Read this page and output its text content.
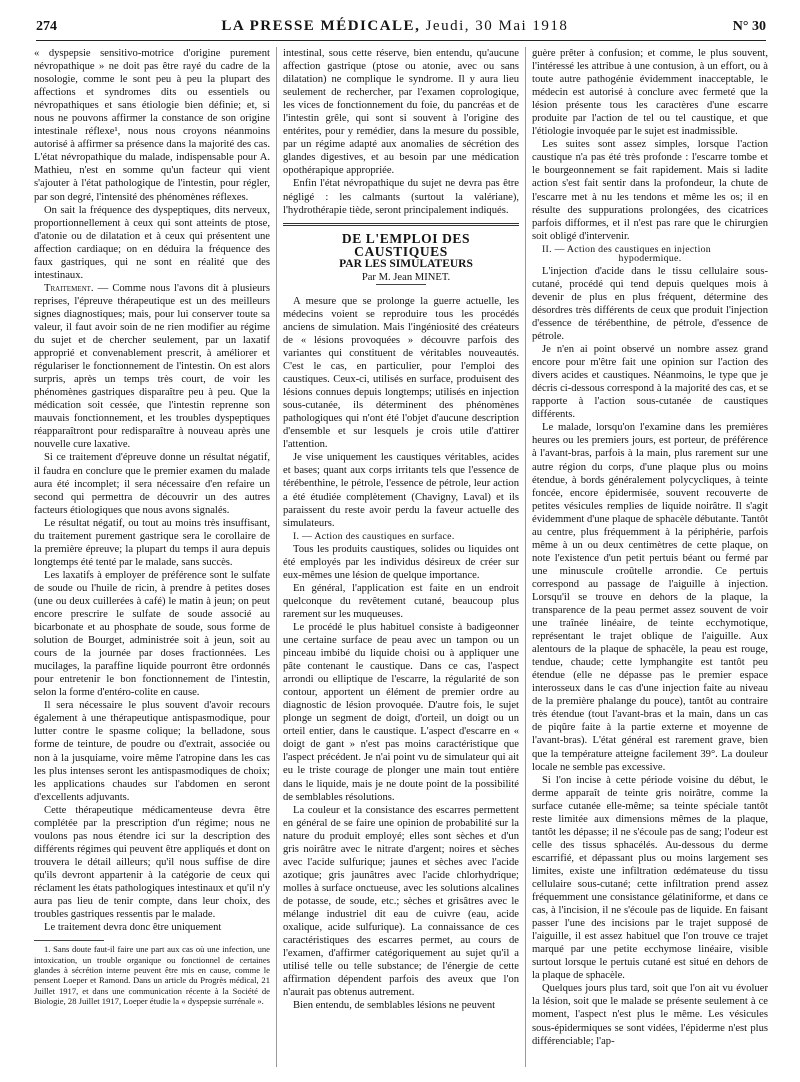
274	LA PRESSE MÉDICALE, Jeudi, 30 Mai 1918	N° 30

« dyspepsie sensitivo-motrice d'origine purement névropathique » ne doit pas être rayé du cadre de la nosologie, comme le sont peu à peu la plupart des affections et syndromes dits ou essentiels ou névropathiques et sans étiologie bien définie; et, si nous ne pouvons affirmer la constance de son origine intestinale réflexe¹, nous nous croyons néanmoins autorisé à affirmer sa présence dans la majorité des cas. L'état névropathique du malade, indispensable pour A. Mathieu, n'est en somme qu'un facteur qui vient s'ajouter à l'état pathologique de l'intestin, pour régler, par son degré, l'intensité des phénomènes réflexes.

On sait la fréquence des dyspeptiques, dits nerveux, proportionnellement à ceux qui sont atteints de ptose, d'atonie ou de dilatation et à ceux qui présentent une affection cardiaque; on en déduira la fréquence des faux gastriques, qui ne sont en réalité que des intestinaux.

Traitement. — Comme nous l'avons dit à plusieurs reprises, l'épreuve thérapeutique est un des meilleurs signes diagnostiques; mais, pour lui conserver toute sa valeur, il faut avoir soin de ne rien modifier au régime du sujet et de chercher seulement, par un laxatif approprié et convenablement prescrit, à améliorer et régulariser le fonctionnement de l'intestin. On est alors surpris, après un temps très court, de voir les phénomènes gastriques disparaître peu à peu. Que la médication soit cessée, que l'intestin reprenne son mauvais fonctionnement, et les troubles dyspeptiques réapparaîtront pour redisparaître à nouveau après une nouvelle cure laxative.

Si ce traitement d'épreuve donne un résultat négatif, il faudra en conclure que le premier examen du malade aura été incomplet; il sera nécessaire d'en refaire un second qui permettra de découvrir un des autres facteurs étiologiques que nous avons signalés.

Le résultat négatif, ou tout au moins très insuffisant, du traitement purement gastrique sera le corollaire de la première épreuve; la plupart du temps il aura depuis longtemps été tenté par le malade, sans succès.

Les laxatifs à employer de préférence sont le sulfate de soude ou l'huile de ricin, à prendre à petites doses (une ou deux cuillerées à café) le matin à jeun; on peut encore prescrire le sulfate de soude associé au bicarbonate et au phosphate de soude, sous forme de solution de Bourget, administrée soit à jeun, soit au cours de la journée par doses fractionnées. Les mucilages, la paraffine liquide pourront être ordonnés pour entretenir le bon fonctionnement de l'intestin, selon la forme d'entéro-colite en cause.

Il sera nécessaire le plus souvent d'avoir recours également à une thérapeutique antispasmodique, pour lutter contre le spasme colique; la belladone, sous forme de teinture, de poudre ou d'extrait, associée ou non à la jusquiame, voire même l'atropine dans les cas les plus intenses seront les antispasmodiques de choix; les applications chaudes sur l'abdomen en seront d'excellents adjuvants.

Cette thérapeutique médicamenteuse devra être complétée par la prescription d'un régime; nous ne voulons pas nous étendre ici sur la description des différents régimes qui peuvent être appliqués et dont on trouvera le détail ailleurs; qu'il nous suffise de dire qu'ils devront appartenir à la catégorie de ceux qui réclament les états pathologiques intestinaux et qu'il n'y aura pas lieu de tenir compte, dans leur choix, des troubles gastriques ressentis par le malade.

Le traitement devra donc être uniquement

1. Sans doute faut-il faire une part aux cas où une infection, une intoxication, un trouble organique ou fonctionnel de certaines glandes à sécrétion interne peuvent être mis en cause, comme le pensent Loeper et Ramond. Dans un article du Progrès médical, 21 Juillet 1917, et dans une communication récente à la Société de Biologie, 28 Juillet 1917, Loeper étudie la « dyspepsie surrénale ».

intestinal, sous cette réserve, bien entendu, qu'aucune affection gastrique (ptose ou atonie, avec ou sans dilatation) ne complique le syndrome. Il y aura lieu seulement de rechercher, par l'examen coprologique, les vices de fonctionnement du foie, du pancréas et de l'intestin grêle, qui sont si souvent à l'origine des entérites, pour y remédier, dans la mesure du possible, par un régime adapté aux anomalies de sécrétion des glandes digestives, et au besoin par une médication opothérapique appropriée.

Enfin l'état névropathique du sujet ne devra pas être négligé : les calmants (surtout la valériane), l'hydrothérapie tiède, seront principalement indiqués.

DE L'EMPLOI DES CAUSTIQUES

PAR LES SIMULATEURS

Par M. Jean MINET.

A mesure que se prolonge la guerre actuelle, les médecins voient se reproduire tous les procédés anciens de simulation. Mais l'ingéniosité des créateurs de « lésions provoquées » découvre parfois des variantes qui constituent de véritables nouveautés. C'est le cas, en particulier, pour l'emploi des caustiques. Ceux-ci, utilisés en surface, produisent des lésions connues depuis longtemps; utilisés en injection sous-cutanée, ils déterminent des phénomènes pathologiques qui n'ont été l'objet d'aucune description d'ensemble et sur lesquels je crois utile d'attirer l'attention.

Je vise uniquement les caustiques véritables, acides et bases; quant aux corps irritants tels que l'essence de térébenthine, le pétrole, l'essence de pétrole, leur action a été étudiée complètement (Chavigny, Laval) et ils paraissent du reste avoir perdu la faveur actuelle des simulateurs.

I. — Action des caustiques en surface.

Tous les produits caustiques, solides ou liquides ont été employés par les individus désireux de créer sur eux-mêmes une lésion de quelque importance.

En général, l'application est faite en un endroit quelconque du revêtement cutané, beaucoup plus rarement sur les muqueuses.

Le procédé le plus habituel consiste à badigeonner une certaine surface de peau avec un tampon ou un pinceau imbibé du liquide choisi ou à appliquer une pâte contenant le caustique. Dans ce cas, l'aspect arrondi ou elliptique de l'escarre, la régularité de son contour, apportent un élément de premier ordre au diagnostic de lésion provoquée. D'autre fois, le sujet plonge un segment de doigt, d'orteil, un doigt ou un orteil entier, dans le caustique. L'aspect d'escarre en « doigt de gant » n'est pas moins caractéristique que l'aspect précédent. Je n'ai point vu de simulateur qui ait eu le triste courage de plonger une main tout entière dans le liquide, mais je ne doute point de la possibilité de semblables résolutions.

La couleur et la consistance des escarres permettent en général de se faire une opinion de probabilité sur la nature du produit employé; elles sont sèches et d'un gris noirâtre avec le nitrate d'argent; noires et sèches avec l'acide sulfurique; jaunes et sèches avec l'acide azotique; gris jaunâtres avec l'acide chlorhydrique; molles à surface onctueuse, avec les solutions alcalines de potasse, de soude, etc.; sèches et grisâtres avec le mélange industriel dit eau de cuivre (eau, acide oxalique, acide sulfurique). La connaissance de ces caractéristiques des escarres permet, au cours de l'examen, d'affirmer catégoriquement au sujet qu'il a utilisé telle ou telle substance; de l'énergie de cette affirmation dépendent parfois des aveux que l'on n'aurait pas obtenus autrement.

Bien entendu, de semblables lésions ne peuvent

guère prêter à confusion; et comme, le plus souvent, l'intéressé les attribue à une contusion, à un effort, ou à toute autre pathogénie évidemment inacceptable, le médecin est autorisé à conclure avec fermeté que la lésion présente tous les caractères d'une escarre produite par l'action de tel ou tel caustique, et que l'étiologie invoquée par le sujet est inadmissible.

Les suites sont assez simples, lorsque l'action caustique n'a pas été très profonde : l'escarre tombe et le bourgeonnement se fait rapidement. Mais si ladite action s'est fait sentir dans la profondeur, la chute de l'escarre met à nu les tendons et même les os; il en résulte des suppurations prolongées, des cicatrices parfois difformes, et il n'est pas rare que le chirurgien soit obligé d'intervenir.

II. — Action des caustiques en injection

hypodermique.

L'injection d'acide dans le tissu cellulaire sous-cutané, procédé qui tend depuis quelques mois à devenir de plus en plus fréquent, détermine des désordres très différents de ceux que produit l'injection d'essence de térébenthine, de pétrole, d'essence de pétrole.

Je n'en ai point observé un nombre assez grand encore pour m'être fait une opinion sur l'action des divers acides et caustiques. Néanmoins, le type que je décris ci-dessous correspond à la majorité des cas, et se rapporte à l'action sous-cutanée de caustiques différents.

Le malade, lorsqu'on l'examine dans les premières heures ou les premiers jours, est porteur, de préférence à l'avant-bras, parfois à la main, plus rarement sur une autre région du corps, d'une plaque plus ou moins étendue, à bords généralement polycycliques, à teinte foncée, encore épidermisée, souvent recouverte de petites vésicules remplies de liquide noirâtre. Il s'agit évidemment d'une plaque de sphacèle débutante. Tantôt au centre, plus fréquemment à la périphérie, parfois même à un ou deux centimètres de cette plaque, on note l'existence d'un petit pertuis béant ou fermé par une minuscule croûtelle arrondie. Ce pertuis correspond au passage de l'aiguille à injection. Lorsqu'il se trouve en dehors de la plaque, la transparence de la peau permet assez souvent de voir une traînée linéaire, de teinte ecchymotique, représentant le trajet oblique de l'aiguille. Aux alentours de la plaque de sphacèle, la peau est rouge, tendue, chaude; cette lymphangite est tantôt peu étendue (elle ne dépasse pas le premier espace interosseux dans le cas d'une injection faite au niveau de la première phalange du pouce), tantôt au contraire très étendue (tout l'avant-bras et la main, dans un cas de piqûre faite à la partie externe et moyenne de l'avant-bras). L'état général est rarement grave, bien que la température atteigne facilement 39°. La douleur locale ne semble pas excessive.

Si l'on incise à cette période voisine du début, le derme apparaît de teinte gris noirâtre, comme la surface cutanée elle-même; sa teinte spéciale tantôt reste limitée aux dimensions mêmes de la plaque, tantôt les dépasse; il ne s'écoule pas de sang; l'odeur est celle des tissus sphacélés. Au-dessous du derme escarrifié, et dépassant plus ou moins largement ses limites, existe une infiltration œdémateuse du tissu cellulaire sous-cutané; cette infiltration prend assez fréquemment une consistance gélatiniforme, et dans ce cas, à l'incision, il ne s'écoule pas de liquide. En faisant passer l'une des incisions par le trajet supposé de l'aiguille, il est assez habituel que l'on trouve ce trajet marqué par une petite ecchymose linéaire, visible surtout lorsque le pertuis cutané est situé en dehors de la plaque de sphacèle.

Quelques jours plus tard, soit que l'on ait vu évoluer la lésion, soit que le malade se présente seulement à ce moment, l'aspect n'est plus le même. Les vésicules sous-épidermiques se sont vidées, l'épiderme n'est plus différenciable; l'ap-
